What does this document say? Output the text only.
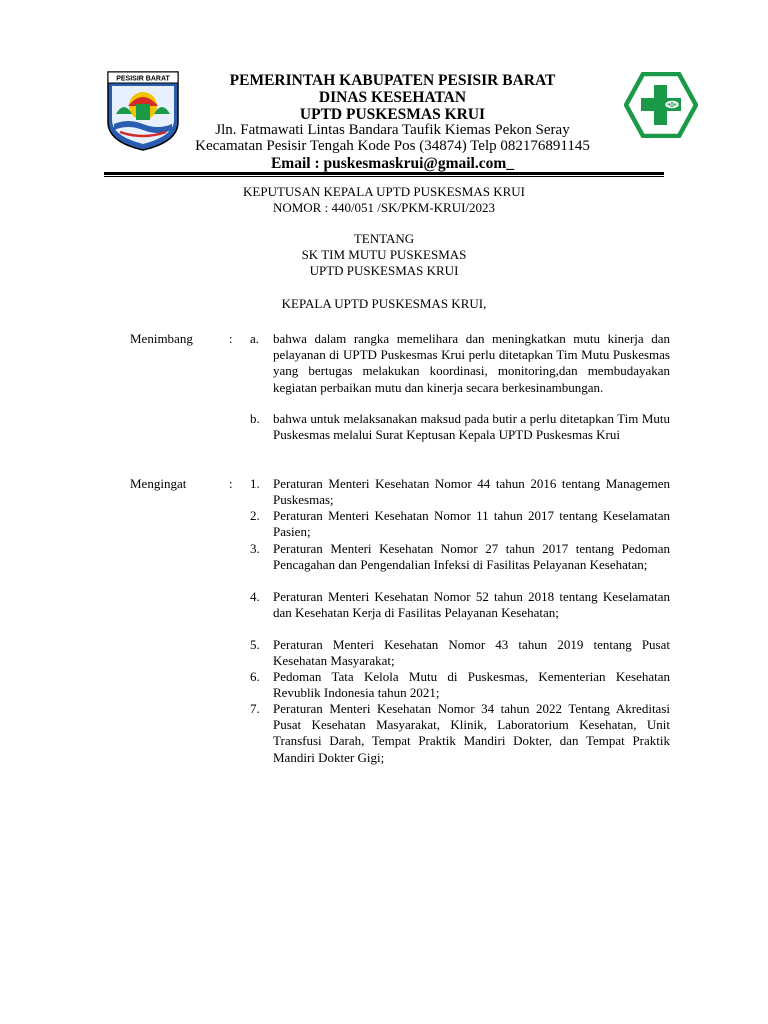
PESISIR BARAT	PEMERINTAH KABUPATEN PESISIR BARAT
DINAS KESEHATAN
UPTD PUSKESMAS KRUI
Jln. Fatmawati Lintas Bandara Taufik Kiemas Pekon Seray
Kecamatan Pesisir Tengah Kode Pos (34874) Telp 082176891145
Email : puskesmaskrui@gmail.com_
KEPUTUSAN KEPALA UPTD PUSKESMAS KRUI
NOMOR : 440/051 /SK/PKM-KRUI/2023
TENTANG
SK TIM MUTU PUSKESMAS
UPTD PUSKESMAS KRUI
KEPALA UPTD PUSKESMAS KRUI,
Menimbang	: a. bahwa dalam rangka memelihara dan meningkatkan mutu kinerja dan pelayanan di UPTD Puskesmas Krui perlu ditetapkan Tim Mutu Puskesmas yang bertugas melakukan koordinasi, monitoring,dan membudayakan kegiatan perbaikan mutu dan kinerja secara berkesinambungan.
b. bahwa untuk melaksanakan maksud pada butir a perlu ditetapkan Tim Mutu Puskesmas melalui Surat Keptusan Kepala UPTD Puskesmas Krui
Mengingat	: 1. Peraturan Menteri Kesehatan Nomor 44 tahun 2016 tentang Managemen Puskesmas;
2. Peraturan Menteri Kesehatan Nomor 11 tahun 2017 tentang Keselamatan Pasien;
3. Peraturan Menteri Kesehatan Nomor 27 tahun 2017 tentang Pedoman Pencagahan dan Pengendalian Infeksi di Fasilitas Pelayanan Kesehatan;
4. Peraturan Menteri Kesehatan Nomor 52 tahun 2018 tentang Keselamatan dan Kesehatan Kerja di Fasilitas Pelayanan Kesehatan;
5. Peraturan Menteri Kesehatan Nomor 43 tahun 2019 tentang Pusat Kesehatan Masyarakat;
6. Pedoman Tata Kelola Mutu di Puskesmas, Kementerian Kesehatan Revublik Indonesia tahun 2021;
7. Peraturan Menteri Kesehatan Nomor 34 tahun 2022 Tentang Akreditasi Pusat Kesehatan Masyarakat, Klinik, Laboratorium Kesehatan, Unit Transfusi Darah, Tempat Praktik Mandiri Dokter, dan Tempat Praktik Mandiri Dokter Gigi;
